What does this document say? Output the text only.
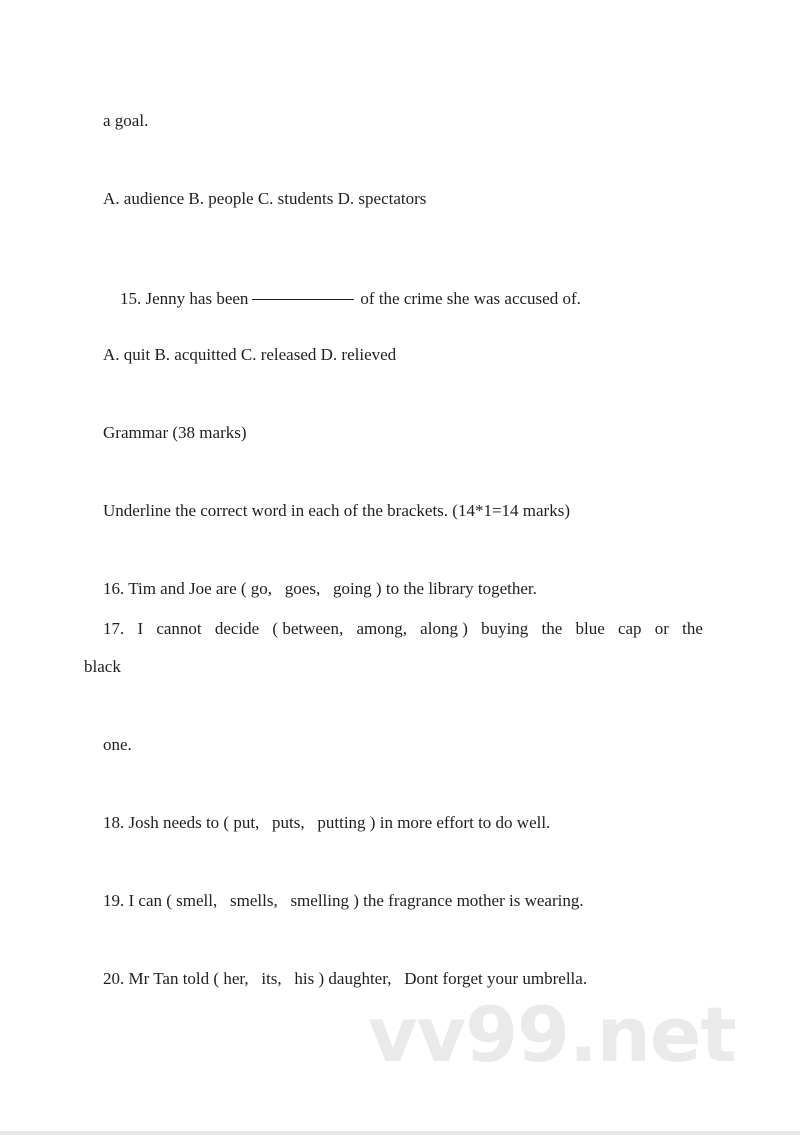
a goal.

A. audience B. people C. students D. spectators

15. Jenny has been	of the crime she was accused of.

A. quit B. acquitted C. released D. relieved

Grammar (38 marks)

Underline the correct word in each of the brackets. (14*1=14 marks)

16. Tim and Joe are ( go,   goes,   going ) to the library together.

17. I cannot decide ( between, among, along ) buying the blue cap or the

black

one.

18. Josh needs to ( put,   puts,   putting ) in more effort to do well.

19. I can ( smell,   smells,   smelling ) the fragrance mother is wearing.

20. Mr Tan told ( her,   its,   his ) daughter,   Dont forget your umbrella.

vv99.net
